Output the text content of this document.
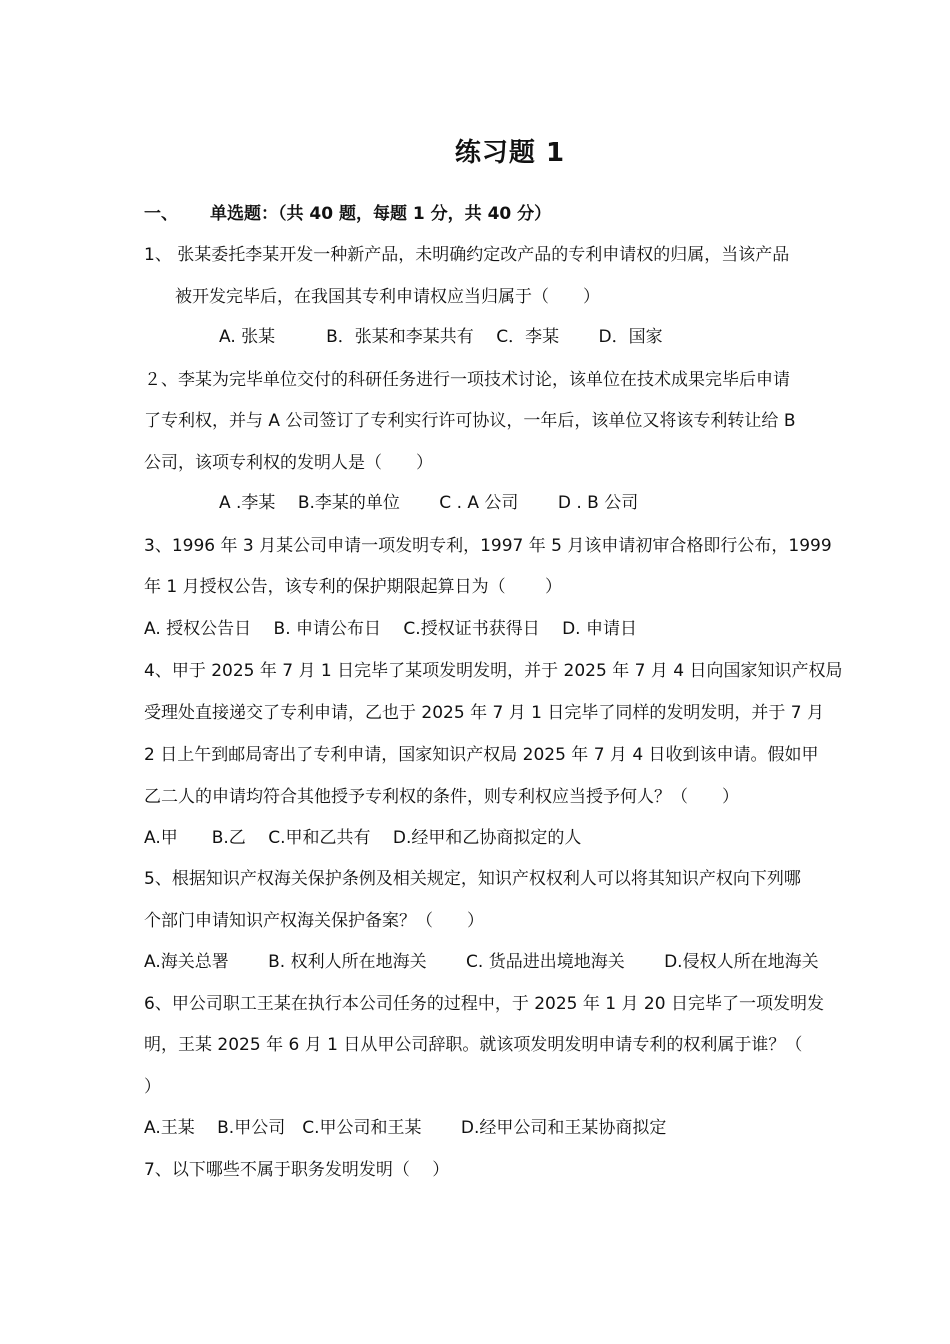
练习题 1
一、 单选题：（共 40 题，每题 1 分，共 40 分）
1、 张某委托李某开发一种新产品，未明确约定改产品的专利申请权的归属，当该产品
被开发完毕后，在我国其专利申请权应当归属于（　　）
A. 张某　　　B．张某和李某共有　 C．李某　　 D．国家
２、李某为完毕单位交付的科研任务进行一项技术讨论，该单位在技术成果完毕后申请
了专利权，并与 A 公司签订了专利实行许可协议，一年后，该单位又将该专利转让给 B
公司，该项专利权的发明人是（　　）
A .李某　 B.李某的单位　　 C . A 公司　　 D . B 公司
3、1996 年 3 月某公司申请一项发明专利，1997 年 5 月该申请初审合格即行公布，1999
年 1 月授权公告，该专利的保护期限起算日为（　　 ）
A. 授权公告日　 B. 申请公布日　 C.授权证书获得日　 D. 申请日
4、甲于 2025 年 7 月 1 日完毕了某项发明发明，并于 2025 年 7 月 4 日向国家知识产权局
受理处直接递交了专利申请，乙也于 2025 年 7 月 1 日完毕了同样的发明发明，并于 7 月
2 日上午到邮局寄出了专利申请，国家知识产权局 2025 年 7 月 4 日收到该申请。假如甲
乙二人的申请均符合其他授予专利权的条件，则专利权应当授予何人？（　　）
A.甲　　B.乙　 C.甲和乙共有　 D.经甲和乙协商拟定的人
5、根据知识产权海关保护条例及相关规定，知识产权权利人可以将其知识产权向下列哪
个部门申请知识产权海关保护备案？（　　）
A.海关总署　　 B. 权利人所在地海关　　 C. 货品进出境地海关　　 D.侵权人所在地海关
6、甲公司职工王某在执行本公司任务的过程中，于 2025 年 1 月 20 日完毕了一项发明发
明，王某 2025 年 6 月 1 日从甲公司辞职。就该项发明发明申请专利的权利属于谁？（
）
A.王某　 B.甲公司　C.甲公司和王某　　 D.经甲公司和王某协商拟定
7、以下哪些不属于职务发明发明（　 ）
